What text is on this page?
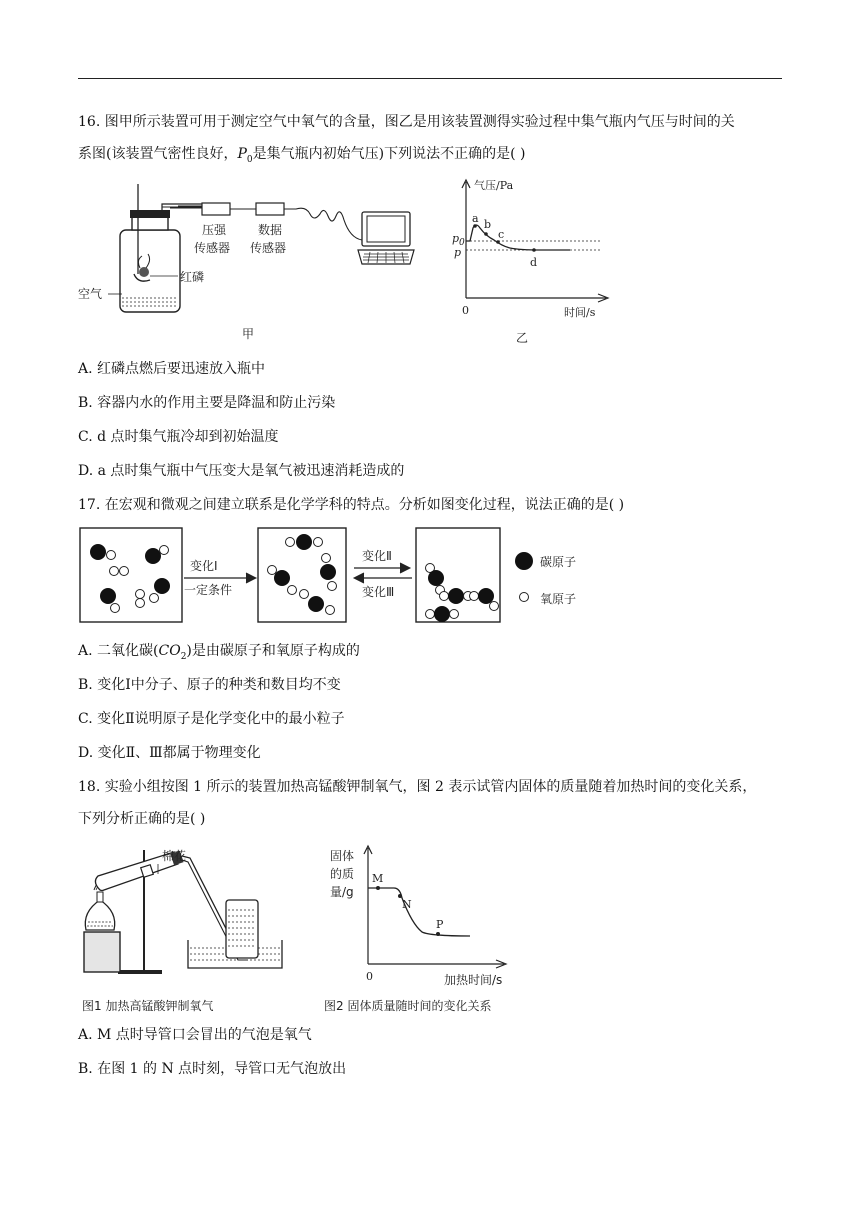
16. 图甲所示装置可用于测定空气中氧气的含量，图乙是用该装置测得实验过程中集气瓶内气压与时间的关
系图(该装置气密性良好，$P_0$是集气瓶内初始气压)下列说法不正确的是( )
红磷
空气
压强
传感器
数据
传感器
甲
气压/Pa
时间/s
0
$p_0$
p
a b
c
d
乙
A. 红磷点燃后要迅速放入瓶中
B. 容器内水的作用主要是降温和防止污染
C. d 点时集气瓶冷却到初始温度
D. a 点时集气瓶中气压变大是氧气被迅速消耗造成的
17. 在宏观和微观之间建立联系是化学学科的特点。分析如图变化过程，说法正确的是( )
变化Ⅰ
一定条件
变化Ⅱ
变化Ⅲ
碳原子
氧原子
A. 二氧化碳$(CO_2)$是由碳原子和氧原子构成的
B. 变化Ⅰ中分子、原子的种类和数目均不变
C. 变化Ⅱ说明原子是化学变化中的最小粒子
D. 变化Ⅱ、Ⅲ都属于物理变化
18. 实验小组按图 1 所示的装置加热高锰酸钾制氧气，图 2 表示试管内固体的质量随着加热时间的变化关系，
下列分析正确的是( )
棉花
图1 加热高锰酸钾制氧气
固体
的质
量/g
0	加热时间/s
M
N
P
图2 固体质量随时间的变化关系
A. M 点时导管口会冒出的气泡是氧气
B. 在图 1 的 N 点时刻，导管口无气泡放出
